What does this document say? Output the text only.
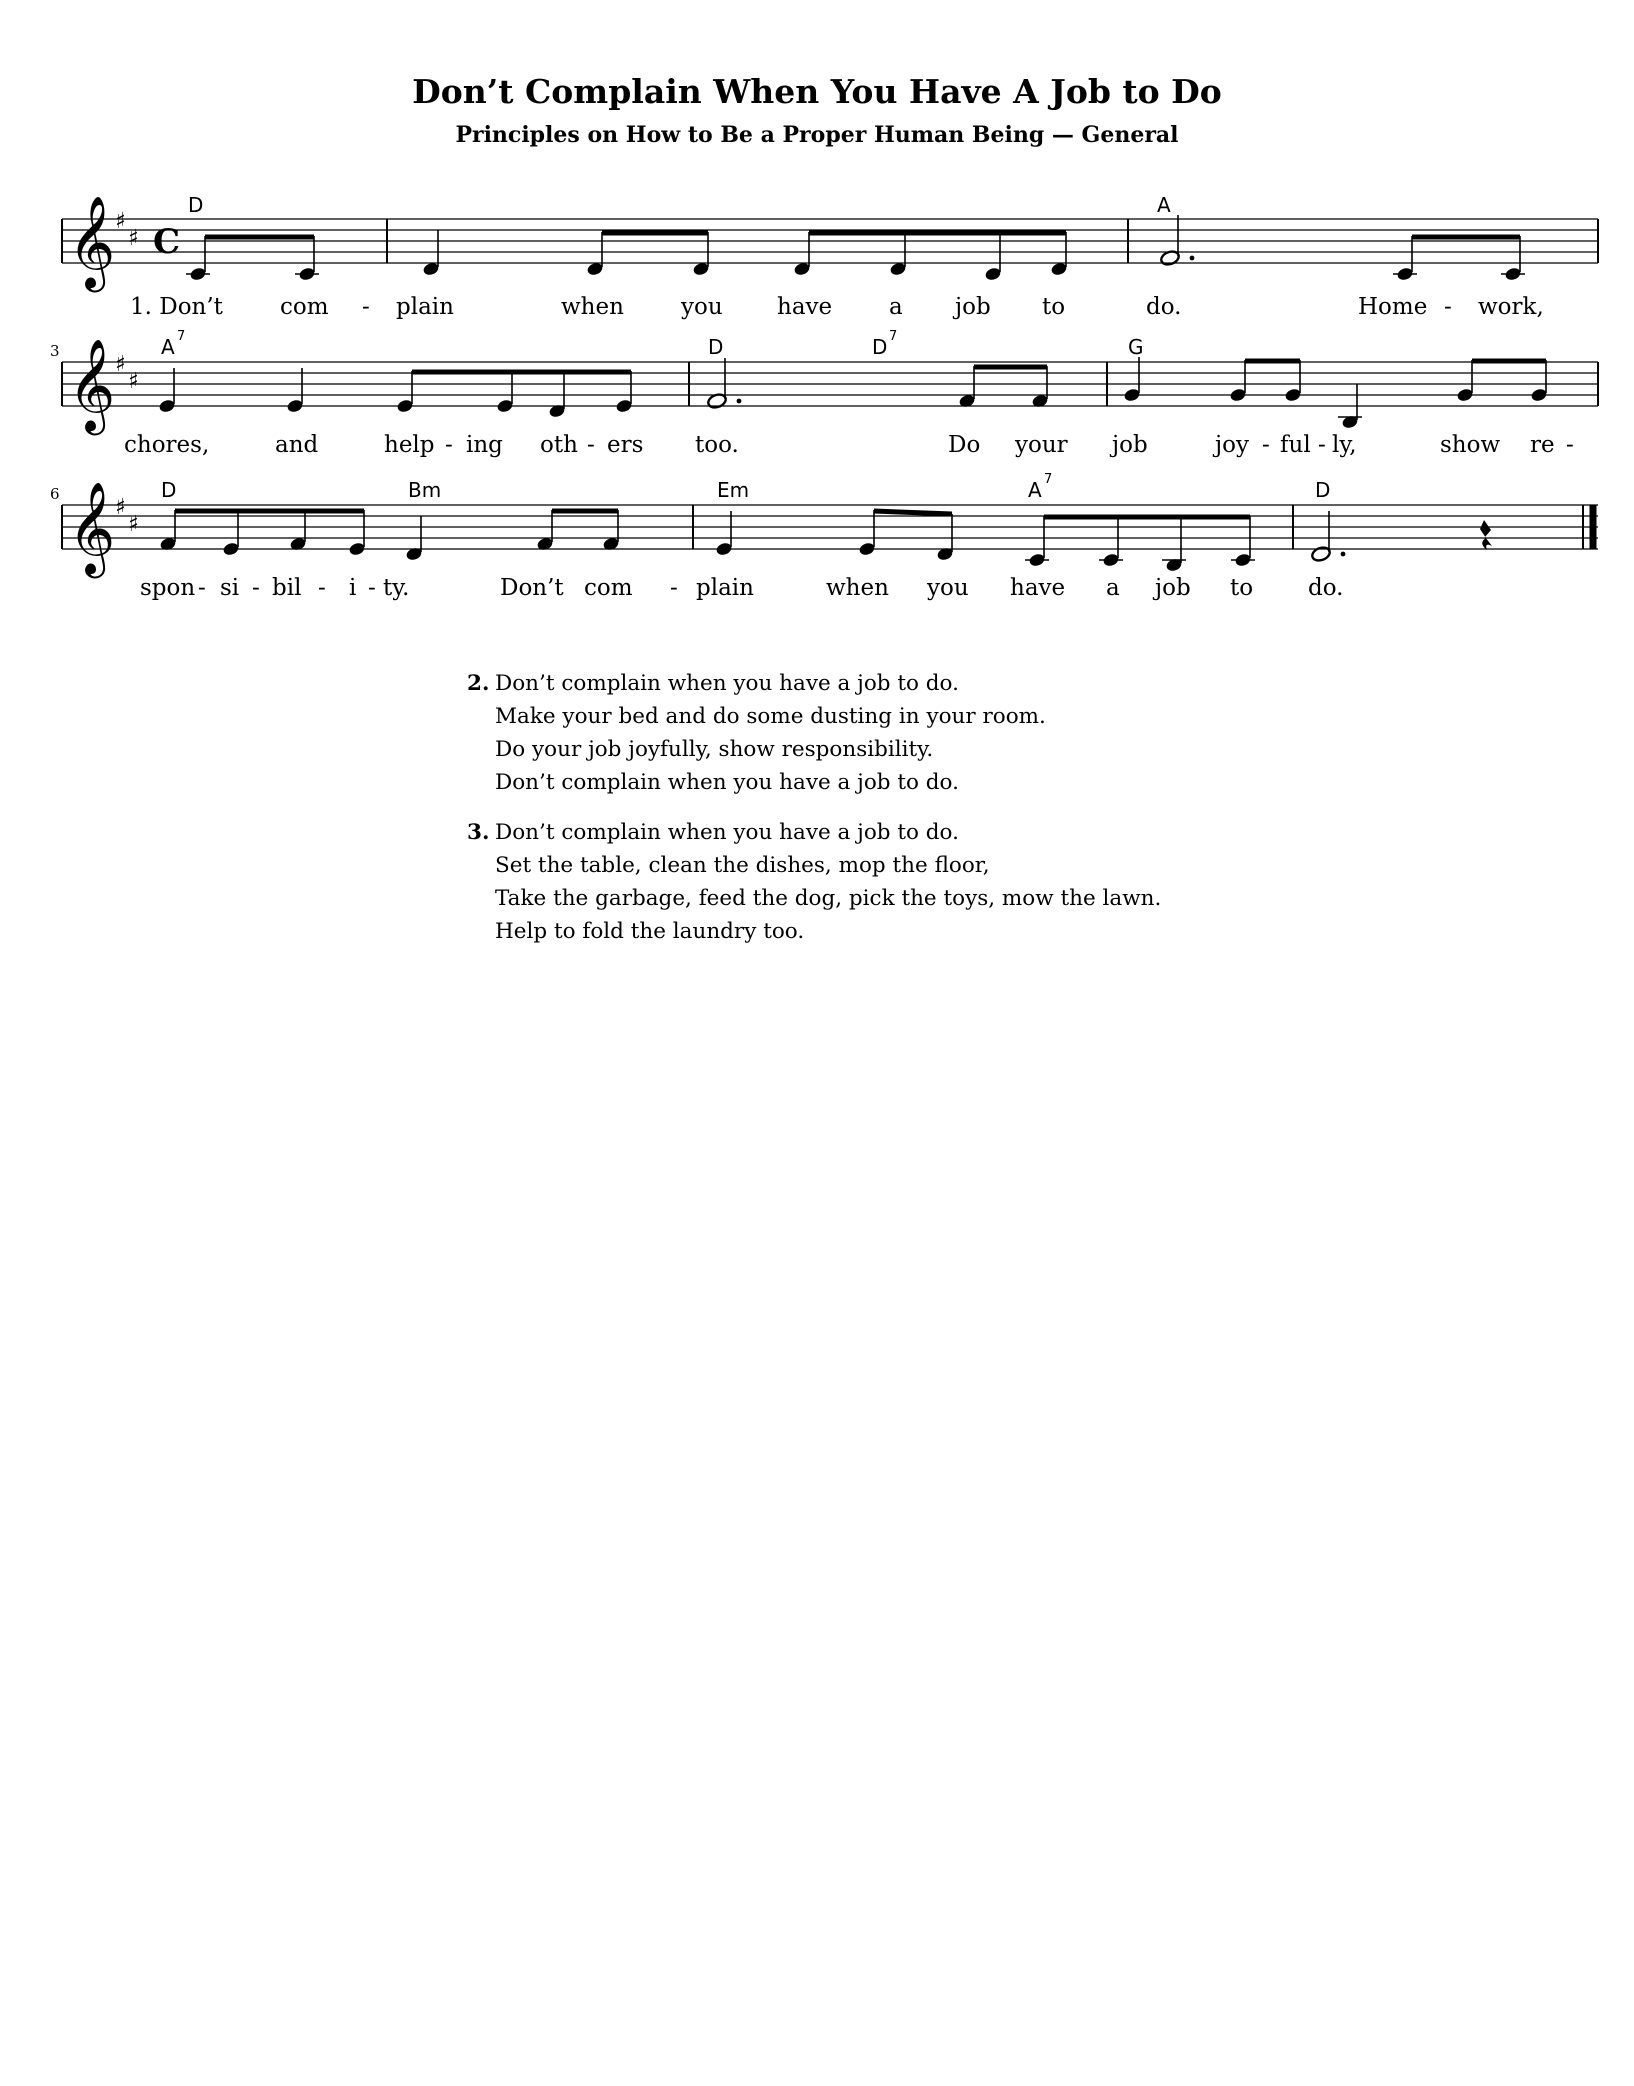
Don’t Complain When You Have A Job to Do
Principles on How to Be a Proper Human Being — General
𝄞 ♯
♯ C
D	A
1. Don’t com - plain	when you have a job to	do.	Home - work,
3 𝄞 ♯
♯
A 7	D	D 7	G
chores,	and	help - ing oth - ers too.	Do your job	joy - ful - ly,	show re -
6 𝄞 ♯
♯
D	Bm	Em	A 7	D
spon - si - bil - i - ty.	Don’t com - plain	when you have a job to do.
2. Don’t complain when you have a job to do.
Make your bed and do some dusting in your room.
Do your job joyfully, show responsibility.
Don’t complain when you have a job to do.
3. Don’t complain when you have a job to do.
Set the table, clean the dishes, mop the floor,
Take the garbage, feed the dog, pick the toys, mow the lawn.
Help to fold the laundry too.
